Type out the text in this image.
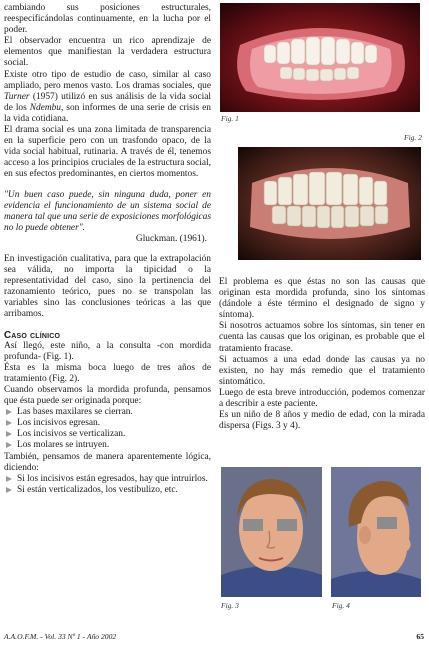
cambiando sus posiciones estructurales, reespecificándolas continuamente, en la lucha por el poder.

El observador encuentra un rico aprendizaje de elementos que manifiestan la verdadera estructura social.

Existe otro tipo de estudio de caso, similar al caso ampliado, pero menos vasto. Los dramas sociales, que Turner (1957) utilizó en sus análisis de la vida social de los Ndembu, son informes de una serie de crisis en la vida cotidiana.

El drama social es una zona limitada de transparencia en la superficie pero con un trasfondo opaco, de la vida social habitual, rutinaria. A través de él, tenemos acceso a los principios cruciales de la estructura social, en sus efectos predominantes, en ciertos momentos.

"Un buen caso puede, sin ninguna duda, poner en evidencia el funcionamiento de un sistema social de manera tal que una serie de exposiciones morfológicas no lo puede obtener".

Gluckman. (1961).

En investigación cualitativa, para que la extrapolación sea válida, no importa la tipicidad o la representatividad del caso, sino la pertinencia del razonamiento teórico, pues no se transpolan las variables sino las conclusiones teóricas a las que arribamos.

Caso clínico

Así llegó, este niño, a la consulta -con mordida profunda- (Fig. 1).

Ésta es la misma boca luego de tres años de tratamiento (Fig. 2).

Cuando observamos la mordida profunda, pensamos que ésta puede ser originada porque:

Las bases maxilares se cierran.
Los incisivos egresan.
Los incisivos se verticalizan.
Los molares se intruyen.

También, pensamos de manera aparentemente lógica, diciendo:

Si los incisivos están egresados, hay que intruirlos.
Si están verticalizados, los vestibulizo, etc.
Fig. 1
Fig. 2

El problema es que éstas no son las causas que originan esta mordida profunda, sino los síntomas (dándole a éste término el designado de signo y síntoma).

Si nosotros actuamos sobre los síntomas, sin tener en cuenta las causas que los originan, es probable que el tratamiento fracase.

Si actuamos a una edad donde las causas ya no existen, no hay más remedio que el tratamiento sintomático.

Luego de esta breve introducción, podemos comenzar a describir a este paciente.

Es un niño de 8 años y medio de edad, con la mirada dispersa (Figs. 3 y 4).

Fig. 3	Fig. 4
A.A.O.F.M. - Vol. 33 Nº 1 - Año 2002	65
